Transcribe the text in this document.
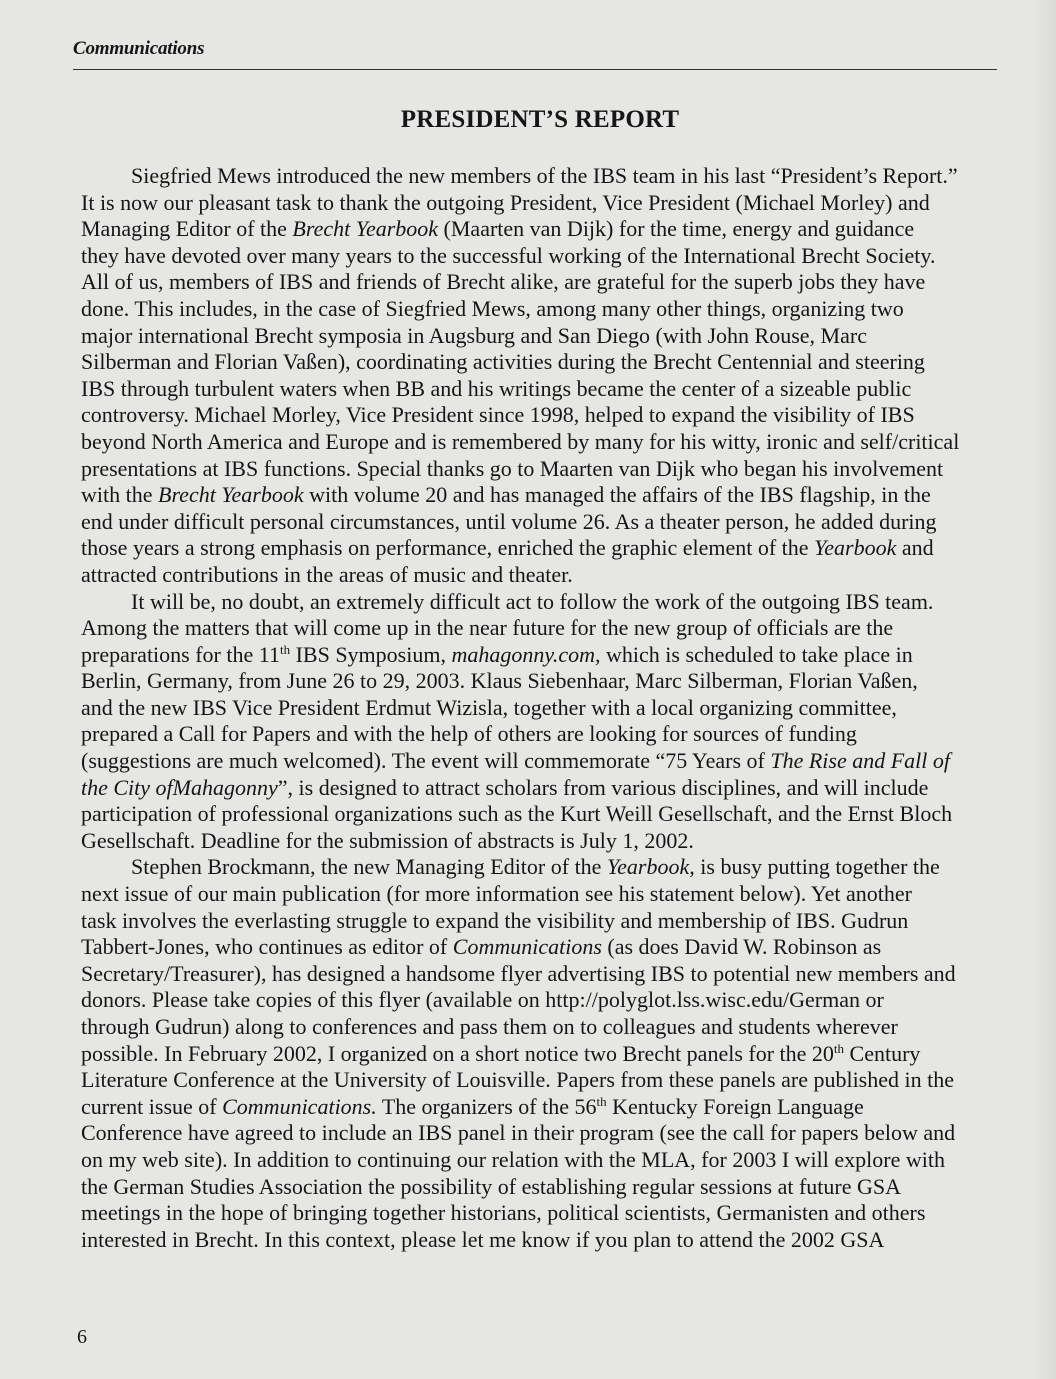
Communications
PRESIDENT’S REPORT
Siegfried Mews introduced the new members of the IBS team in his last “President’s Report.”
It is now our pleasant task to thank the outgoing President, Vice President (Michael Morley) and
Managing Editor of the Brecht Yearbook (Maarten van Dijk) for the time, energy and guidance
they have devoted over many years to the successful working of the International Brecht Society.
All of us, members of IBS and friends of Brecht alike, are grateful for the superb jobs they have
done. This includes, in the case of Siegfried Mews, among many other things, organizing two
major international Brecht symposia in Augsburg and San Diego (with John Rouse, Marc
Silberman and Florian Vaßen), coordinating activities during the Brecht Centennial and steering
IBS through turbulent waters when BB and his writings became the center of a sizeable public
controversy. Michael Morley, Vice President since 1998, helped to expand the visibility of IBS
beyond North America and Europe and is remembered by many for his witty, ironic and self/critical
presentations at IBS functions. Special thanks go to Maarten van Dijk who began his involvement
with the Brecht Yearbook with volume 20 and has managed the affairs of the IBS flagship, in the
end under difficult personal circumstances, until volume 26. As a theater person, he added during
those years a strong emphasis on performance, enriched the graphic element of the Yearbook and
attracted contributions in the areas of music and theater.
It will be, no doubt, an extremely difficult act to follow the work of the outgoing IBS team.
Among the matters that will come up in the near future for the new group of officials are the
preparations for the 11th IBS Symposium, mahagonny.com, which is scheduled to take place in
Berlin, Germany, from June 26 to 29, 2003. Klaus Siebenhaar, Marc Silberman, Florian Vaßen,
and the new IBS Vice President Erdmut Wizisla, together with a local organizing committee,
prepared a Call for Papers and with the help of others are looking for sources of funding
(suggestions are much welcomed). The event will commemorate “75 Years of The Rise and Fall of
the City ofMahagonny”, is designed to attract scholars from various disciplines, and will include
participation of professional organizations such as the Kurt Weill Gesellschaft, and the Ernst Bloch
Gesellschaft. Deadline for the submission of abstracts is July 1, 2002.
Stephen Brockmann, the new Managing Editor of the Yearbook, is busy putting together the
next issue of our main publication (for more information see his statement below). Yet another
task involves the everlasting struggle to expand the visibility and membership of IBS. Gudrun
Tabbert-Jones, who continues as editor of Communications (as does David W. Robinson as
Secretary/Treasurer), has designed a handsome flyer advertising IBS to potential new members and
donors. Please take copies of this flyer (available on http://polyglot.lss.wisc.edu/German or
through Gudrun) along to conferences and pass them on to colleagues and students wherever
possible. In February 2002, I organized on a short notice two Brecht panels for the 20th Century
Literature Conference at the University of Louisville. Papers from these panels are published in the
current issue of Communications. The organizers of the 56th Kentucky Foreign Language
Conference have agreed to include an IBS panel in their program (see the call for papers below and
on my web site). In addition to continuing our relation with the MLA, for 2003 I will explore with
the German Studies Association the possibility of establishing regular sessions at future GSA
meetings in the hope of bringing together historians, political scientists, Germanisten and others
interested in Brecht. In this context, please let me know if you plan to attend the 2002 GSA
6
